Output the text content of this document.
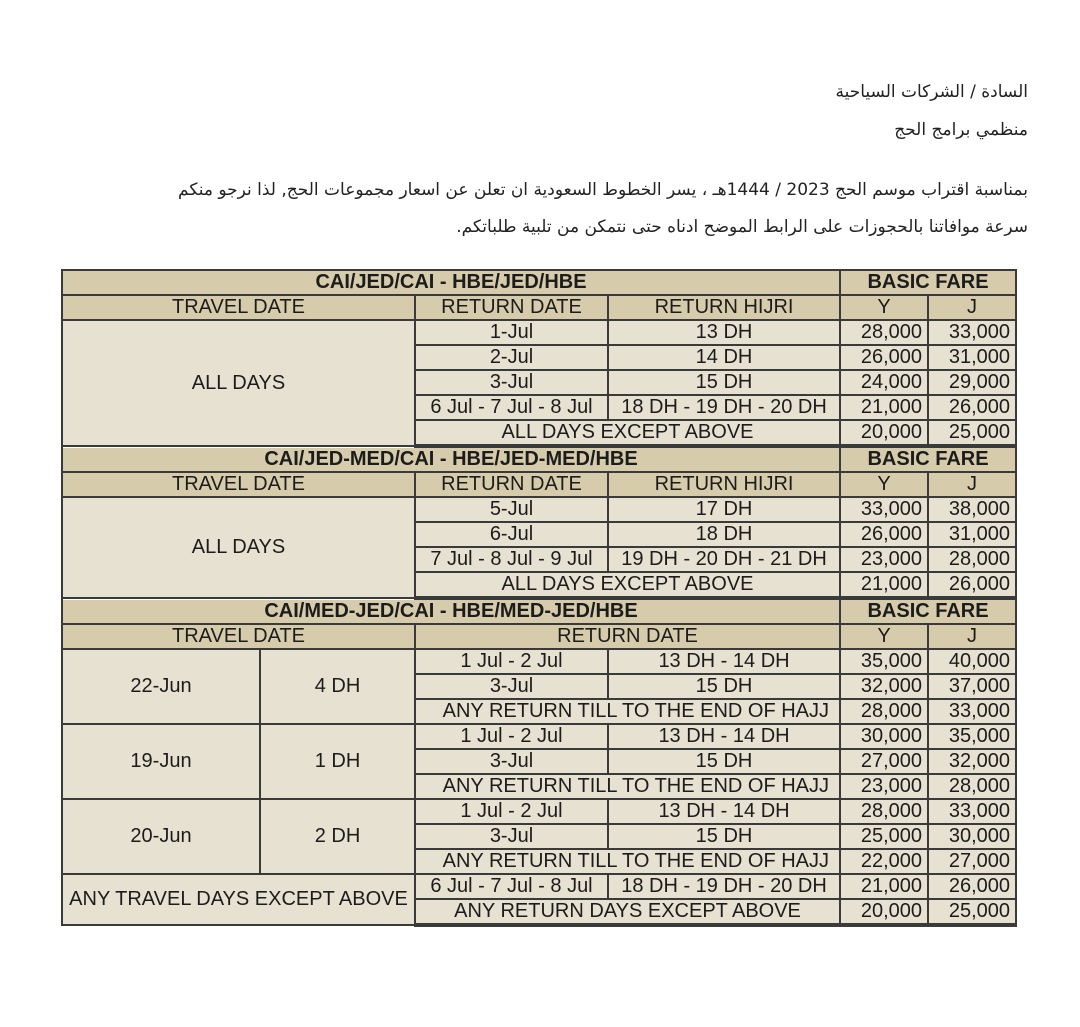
السادة / الشركات السياحية
منظمي برامج الحج
بمناسبة اقتراب موسم الحج 2023 / 1444هـ ، يسر الخطوط السعودية ان تعلن عن اسعار مجموعات الحج, لذا نرجو منكم
سرعة موافاتنا بالحجوزات على الرابط الموضح ادناه حتى نتمكن من تلبية طلباتكم.
CAI/JED/CAI - HBE/JED/HBE				BASIC FARE	
TRAVEL DATE		RETURN DATE	RETURN HIJRI	Y	J
ALL DAYS		1-Jul	13 DH	28,000	33,000
		2-Jul	14 DH	26,000	31,000
		3-Jul	15 DH	24,000	29,000
		6 Jul - 7 Jul - 8 Jul	18 DH - 19 DH - 20 DH	21,000	26,000
		ALL DAYS EXCEPT ABOVE		20,000	25,000
CAI/JED-MED/CAI - HBE/JED-MED/HBE				BASIC FARE	
TRAVEL DATE		RETURN DATE	RETURN HIJRI	Y	J
ALL DAYS		5-Jul	17 DH	33,000	38,000
		6-Jul	18 DH	26,000	31,000
		7 Jul - 8 Jul - 9 Jul	19 DH - 20 DH - 21 DH	23,000	28,000
		ALL DAYS EXCEPT ABOVE		21,000	26,000
CAI/MED-JED/CAI - HBE/MED-JED/HBE				BASIC FARE	
TRAVEL DATE		RETURN DATE		Y	J
22-Jun	4 DH	1 Jul - 2 Jul	13 DH - 14 DH	35,000	40,000
		3-Jul	15 DH	32,000	37,000
		ANY RETURN TILL TO THE END OF HAJJ		28,000	33,000
19-Jun	1 DH	1 Jul - 2 Jul	13 DH - 14 DH	30,000	35,000
		3-Jul	15 DH	27,000	32,000
		ANY RETURN TILL TO THE END OF HAJJ		23,000	28,000
20-Jun	2 DH	1 Jul - 2 Jul	13 DH - 14 DH	28,000	33,000
		3-Jul	15 DH	25,000	30,000
		ANY RETURN TILL TO THE END OF HAJJ		22,000	27,000
ANY TRAVEL DAYS EXCEPT ABOVE		6 Jul - 7 Jul - 8 Jul	18 DH - 19 DH - 20 DH	21,000	26,000
		ANY RETURN DAYS EXCEPT ABOVE		20,000	25,000
